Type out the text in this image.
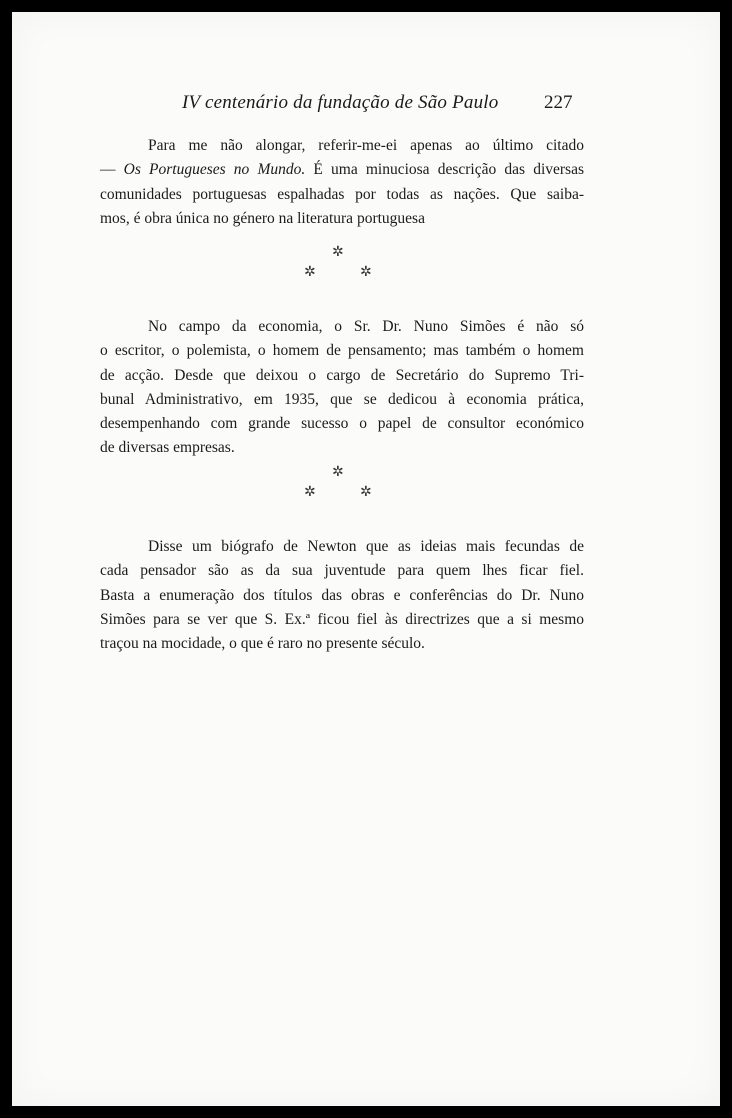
IV centenário da fundação de São Paulo 227
Para me não alongar, referir-me-ei apenas ao último citado
— Os Portugueses no Mundo. É uma minuciosa descrição das diversas
comunidades portuguesas espalhadas por todas as nações. Que saiba-
mos, é obra única no género na literatura portuguesa
✲
✲	✲
No campo da economia, o Sr. Dr. Nuno Simões é não só
o escritor, o polemista, o homem de pensamento; mas também o homem
de acção. Desde que deixou o cargo de Secretário do Supremo Tri-
bunal Administrativo, em 1935, que se dedicou à economia prática,
desempenhando com grande sucesso o papel de consultor económico
de diversas empresas.
✲
✲	✲
Disse um biógrafo de Newton que as ideias mais fecundas de
cada pensador são as da sua juventude para quem lhes ficar fiel.
Basta a enumeração dos títulos das obras e conferências do Dr. Nuno
Simões para se ver que S. Ex.ª ficou fiel às directrizes que a si mesmo
traçou na mocidade, o que é raro no presente século.
